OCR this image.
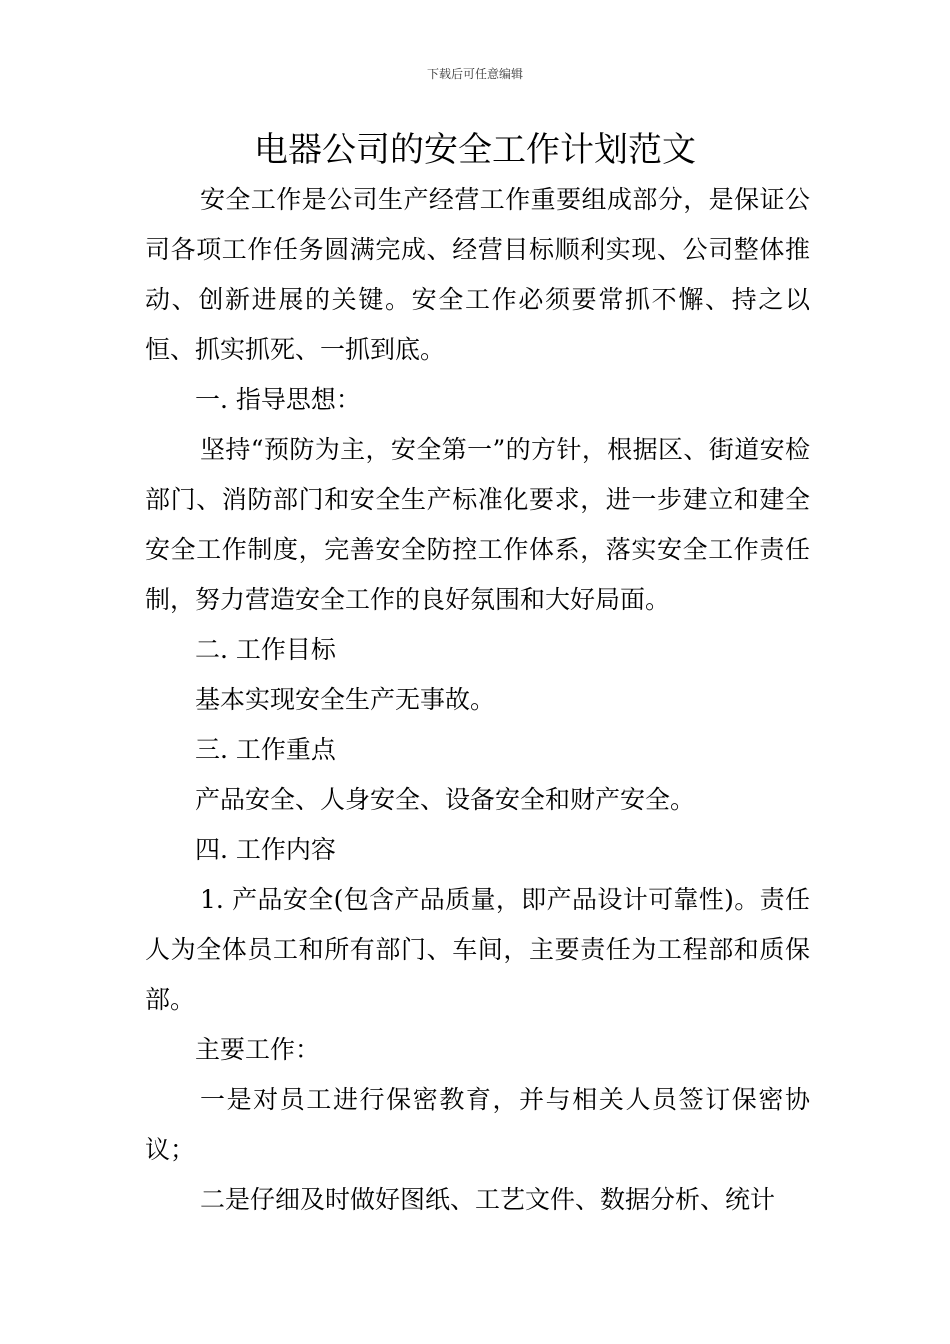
下载后可任意编辑
电器公司的安全工作计划范文

安全工作是公司生产经营工作重要组成部分，是保证公司各项工作任务圆满完成、经营目标顺利实现、公司整体推动、创新进展的关键。安全工作必须要常抓不懈、持之以恒、抓实抓死、一抓到底。

一. 指导思想：

坚持“预防为主，安全第一”的方针，根据区、街道安检部门、消防部门和安全生产标准化要求，进一步建立和建全安全工作制度，完善安全防控工作体系，落实安全工作责任制，努力营造安全工作的良好氛围和大好局面。

二. 工作目标

基本实现安全生产无事故。

三. 工作重点

产品安全、人身安全、设备安全和财产安全。

四. 工作内容

1. 产品安全(包含产品质量，即产品设计可靠性)。责任人为全体员工和所有部门、车间，主要责任为工程部和质保部。

主要工作：

一是对员工进行保密教育，并与相关人员签订保密协议；

二是仔细及时做好图纸、工艺文件、数据分析、统计
